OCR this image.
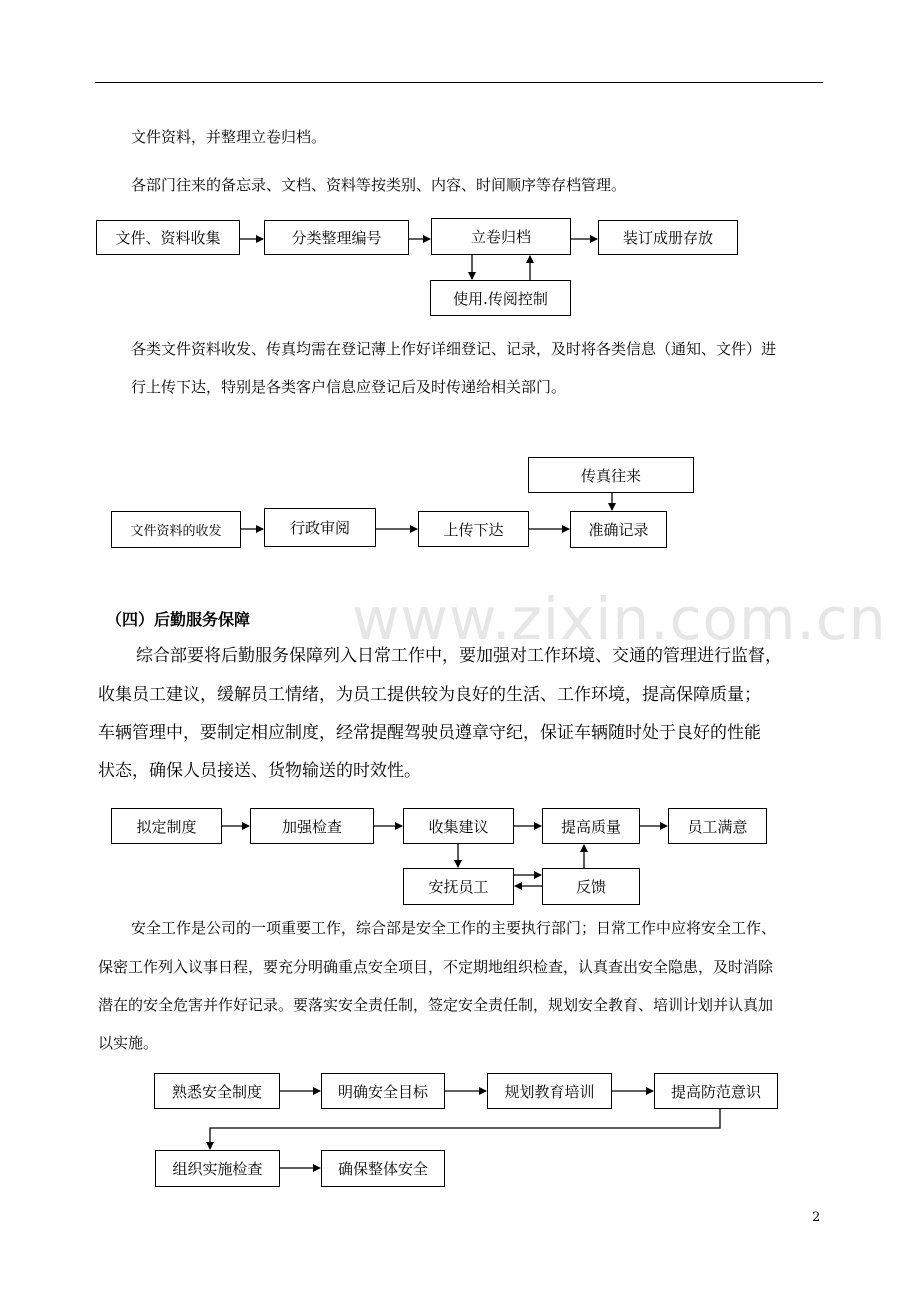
www.zixin.com.cn
文件资料，并整理立卷归档。
各部门往来的备忘录、文档、资料等按类别、内容、时间顺序等存档管理。
文件、资料收集	分类整理编号	立卷归档	装订成册存放
使用.传阅控制
各类文件资料收发、传真均需在登记薄上作好详细登记、记录，及时将各类信息（通知、文件）进
行上传下达，特别是各类客户信息应登记后及时传递给相关部门。
传真往来
文件资料的收发	行政审阅	上传下达	准确记录
（四）后勤服务保障
综合部要将后勤服务保障列入日常工作中，要加强对工作环境、交通的管理进行监督，
收集员工建议，缓解员工情绪，为员工提供较为良好的生活、工作环境，提高保障质量；
车辆管理中，要制定相应制度，经常提醒驾驶员遵章守纪，保证车辆随时处于良好的性能
状态，确保人员接送、货物输送的时效性。
拟定制度	加强检查	收集建议	提高质量	员工满意
安抚员工	反馈
安全工作是公司的一项重要工作，综合部是安全工作的主要执行部门；日常工作中应将安全工作、
保密工作列入议事日程，要充分明确重点安全项目，不定期地组织检查，认真查出安全隐患，及时消除
潜在的安全危害并作好记录。要落实安全责任制，签定安全责任制，规划安全教育、培训计划并认真加
以实施。
熟悉安全制度	明确安全目标	规划教育培训	提高防范意识
组织实施检查	确保整体安全
2
